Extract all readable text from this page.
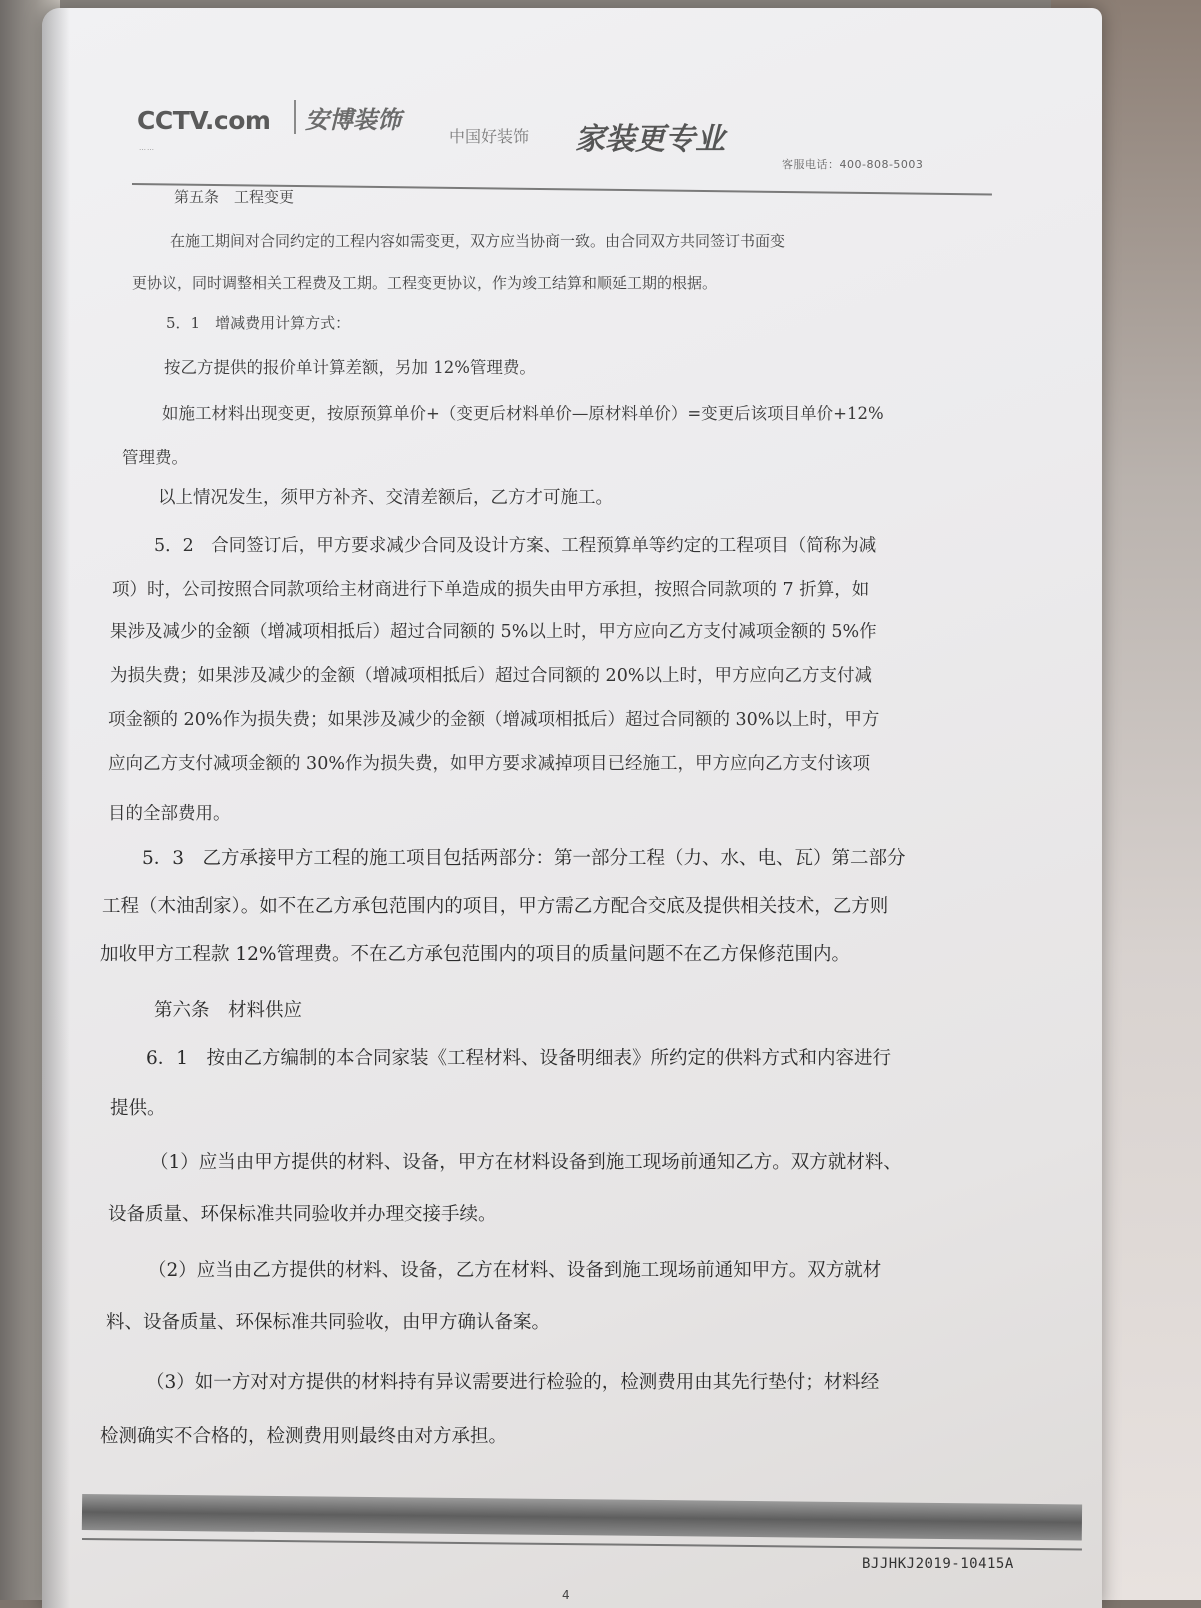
CCTV.com 安博装饰
……
中国好装饰 家装更专业
客服电话：400-808-5003
第五条　工程变更
在施工期间对合同约定的工程内容如需变更，双方应当协商一致。由合同双方共同签订书面变
更协议，同时调整相关工程费及工期。工程变更协议，作为竣工结算和顺延工期的根据。
5．1　增减费用计算方式：
按乙方提供的报价单计算差额，另加 12%管理费。
如施工材料出现变更，按原预算单价+（变更后材料单价—原材料单价）=变更后该项目单价+12%
管理费。
以上情况发生，须甲方补齐、交清差额后，乙方才可施工。
5．2　合同签订后，甲方要求减少合同及设计方案、工程预算单等约定的工程项目（简称为减
项）时，公司按照合同款项给主材商进行下单造成的损失由甲方承担，按照合同款项的 7 折算，如
果涉及减少的金额（增减项相抵后）超过合同额的 5%以上时，甲方应向乙方支付减项金额的 5%作
为损失费；如果涉及减少的金额（增减项相抵后）超过合同额的 20%以上时，甲方应向乙方支付减
项金额的 20%作为损失费；如果涉及减少的金额（增减项相抵后）超过合同额的 30%以上时，甲方
应向乙方支付减项金额的 30%作为损失费，如甲方要求减掉项目已经施工，甲方应向乙方支付该项
目的全部费用。
5．3　乙方承接甲方工程的施工项目包括两部分：第一部分工程（力、水、电、瓦）第二部分
工程（木油刮家）。如不在乙方承包范围内的项目，甲方需乙方配合交底及提供相关技术，乙方则
加收甲方工程款 12%管理费。不在乙方承包范围内的项目的质量问题不在乙方保修范围内。
第六条　材料供应
6．1　按由乙方编制的本合同家装《工程材料、设备明细表》所约定的供料方式和内容进行
提供。
（1）应当由甲方提供的材料、设备，甲方在材料设备到施工现场前通知乙方。双方就材料、
设备质量、环保标准共同验收并办理交接手续。
（2）应当由乙方提供的材料、设备，乙方在材料、设备到施工现场前通知甲方。双方就材
料、设备质量、环保标准共同验收，由甲方确认备案。
（3）如一方对对方提供的材料持有异议需要进行检验的，检测费用由其先行垫付；材料经
检测确实不合格的，检测费用则最终由对方承担。
BJJHKJ2019-10415A
4
